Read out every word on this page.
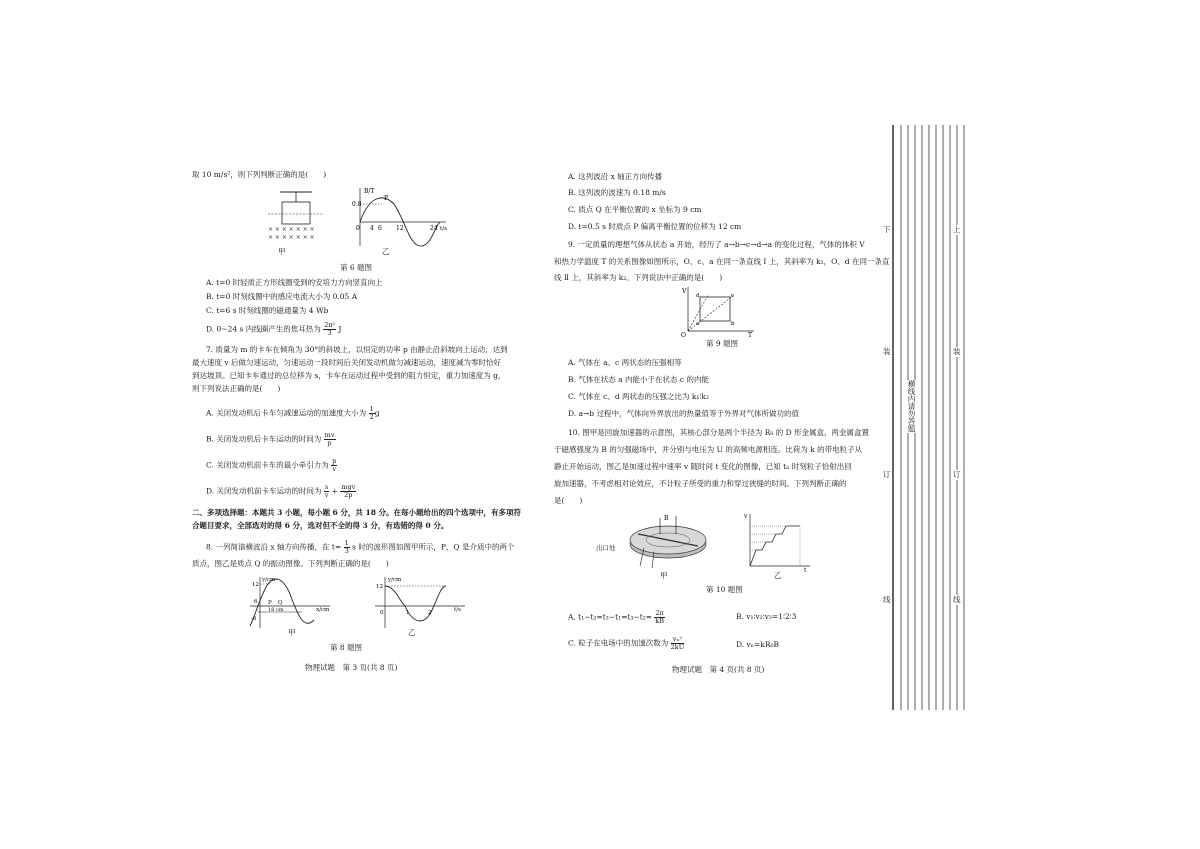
取 10 m/s²，则下列判断正确的是(　　)
× × × × × × ×
× × × × × × ×
0.8
B/T
P
0 4 6 12	24 t/s
甲	乙
第 6 题图
A. t=0 时轻质正方形线圈受到的安培力方向竖直向上
B. t=0 时刻线圈中的感应电流大小为 0.05 A
C. t=6 s 时刻线圈的磁通量为 4 Wb
D. 0~24 s 内线圈产生的焦耳热为 $\frac{\text{2π²}}{3}$ J
7. 质量为 m 的卡车在倾角为 30°的斜坡上，以恒定的功率 p 由静止沿斜坡向上运动，达到
最大速度 v 后做匀速运动，匀速运动一段时间后关闭发动机做匀减速运动，速度减为零时恰好
到达坡顶。已知卡车通过的总位移为 s，卡车在运动过程中受到的阻力恒定，重力加速度为 g，
则下列说法正确的是(　　)
A. 关闭发动机后卡车匀减速运动的加速度大小为 $\frac{1}{2}$ g
B. 关闭发动机后卡车运动的时间为 $\frac{mv}{p}$
C. 关闭发动机前卡车的最小牵引力为 $\frac{p}{v}$
D. 关闭发动机前卡车运动的时间为 $\frac{s}{v} + \frac{\text{mgv}}{2p}$
二、多项选择题：本题共 3 小题，每小题 6 分，共 18 分。在每小题给出的四个选项中，有多项符
合题目要求，全部选对的得 6 分，选对但不全的得 3 分，有选错的得 0 分。
8. 一列简谐横波沿 x 轴方向传播，在 $t= \frac{1}{3}$ s 时的波形图如图甲所示，P、Q 是介质中的两个
质点，图乙是质点 Q 的振动图像。下列判断正确的是(　　)
y/cm
12
6
-6
P Q
18 cm	x/cm
y/cm
12
0	1	2	t/s
甲	乙
第 8 题图
物理试题　第 3 页(共 8 页)
A. 这列波沿 x 轴正方向传播
B. 这列波的波速为 0.18 m/s
C. 质点 Q 在平衡位置的 x 坐标为 9 cm
D. t=0.5 s 时质点 P 偏离平衡位置的位移为 12 cm
9. 一定质量的理想气体从状态 a 开始，经历了 a→b→c→d→a 的变化过程，气体的体积 V
和热力学温度 T 的关系图像如图所示，O、c、a 在同一条直线 Ⅰ 上，其斜率为 k₁，O、d 在同一条直
线 Ⅱ 上，其斜率为 k₂。下列说法中正确的是(　　)
V
T
O
a	b
c
d
第 9 题图
A. 气体在 a、c 两状态的压强相等
B. 气体在状态 a 内能小于在状态 c 的内能
C. 气体在 c、d 两状态的压强之比为 k₁∶k₂
D. a→b 过程中，气体向外界放出的热量值等于外界对气体所做功的值
10. 图甲是回旋加速器的示意图，其核心部分是两个半径为 R₀ 的 D 形金属盒，两金属盒置
于磁感强度为 B 的匀强磁场中，并分别与电压为 U 的高频电源相连。比荷为 k 的带电粒子从
静止开始运动，图乙是加速过程中速率 v 随时间 t 变化的图像，已知 tₙ 时刻粒子恰射出回
旋加速器，不考虑相对论效应，不计粒子所受的重力和穿过狭缝的时间。下列判断正确的
是(　　)
B
出口处
v
t
甲	乙
第 10 题图
A. $t_1-t_2=t_3-t_1=t_3-t_2= \frac{2\pi}{kB}$	B. v₁∶v₂∶v₃=1∶2∶3
C. 粒子在电场中的加速次数为 $\frac{\text{vₙ²}}{2kU}$	D. vₙ=kR₀B
物理试题　第 4 页(共 8 页)
下
装
订
线
上
装
订
线
横线内请勿答题
